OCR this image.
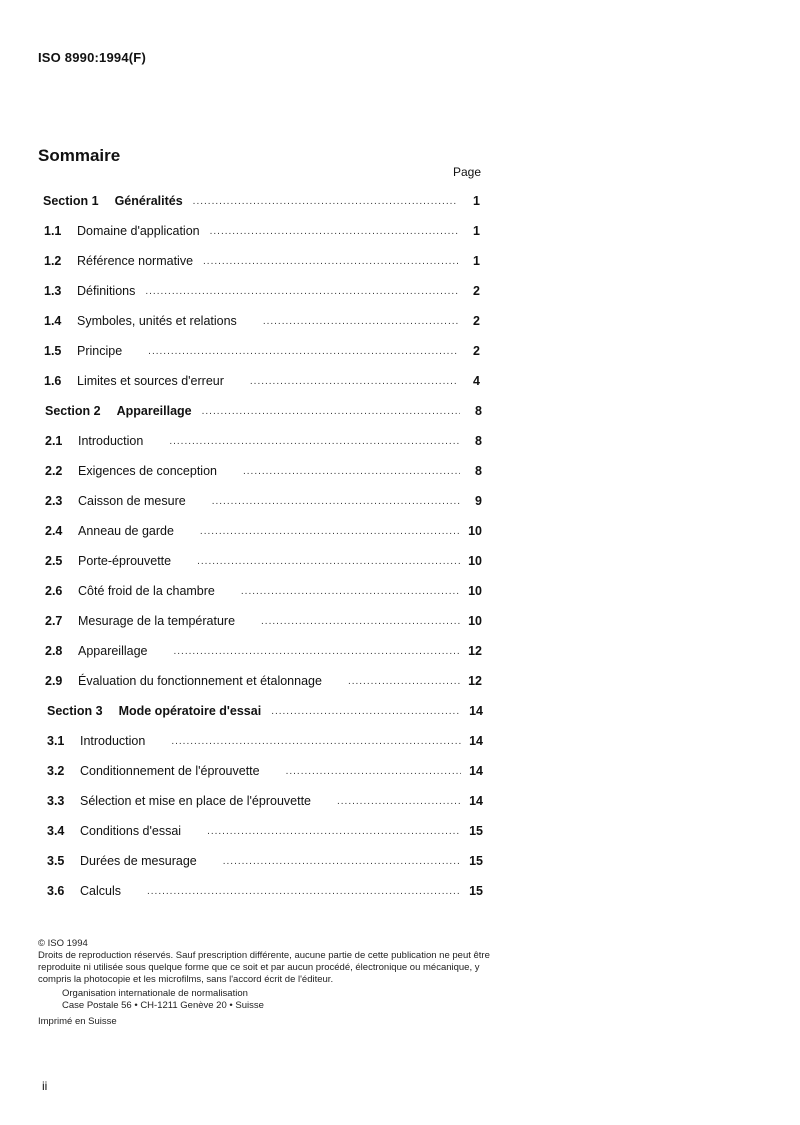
ISO 8990:1994(F)
Sommaire
Page
Section 1 Généralités .....	1
1.1	Domaine d'application .....	1
1.2	Référence normative .....	1
1.3	Définitions .....	2
1.4	Symboles, unités et relations .....	2
1.5	Principe .....	2
1.6	Limites et sources d'erreur .....	4
Section 2 Appareillage .....	8
2.1	Introduction .....	8
2.2	Exigences de conception .....	8
2.3	Caisson de mesure .....	9
2.4	Anneau de garde .....	10
2.5	Porte-éprouvette .....	10
2.6	Côté froid de la chambre .....	10
2.7	Mesurage de la température .....	10
2.8	Appareillage .....	12
2.9	Évaluation du fonctionnement et étalonnage .....	12
Section 3 Mode opératoire d'essai .....	14
3.1	Introduction .....	14
3.2	Conditionnement de l'éprouvette .....	14
3.3	Sélection et mise en place de l'éprouvette .....	14
3.4	Conditions d'essai .....	15
3.5	Durées de mesurage .....	15
3.6	Calculs .....	15
© ISO 1994
Droits de reproduction réservés. Sauf prescription différente, aucune partie de cette publication ne peut être reproduite ni utilisée sous quelque forme que ce soit et par aucun procédé, électronique ou mécanique, y compris la photocopie et les microfilms, sans l'accord écrit de l'éditeur.
Organisation internationale de normalisation
Case Postale 56 • CH-1211 Genève 20 • Suisse
Imprimé en Suisse
ii
